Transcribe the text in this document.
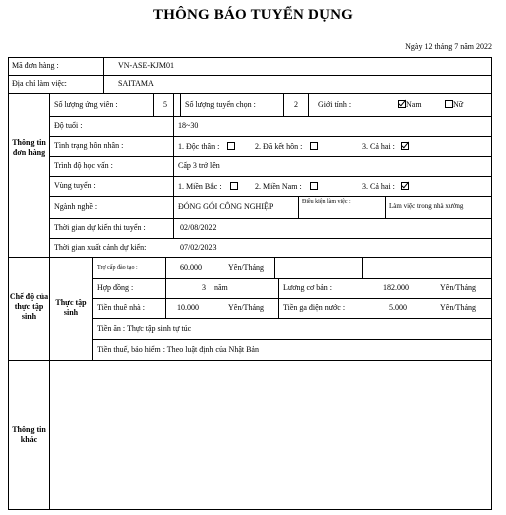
THÔNG BÁO TUYỂN DỤNG
Ngày 12 tháng 7 năm 2022
Mã đơn hàng :	VN-ASE-KJM01
Địa chỉ làm việc:	SAITAMA
Thông tin đơn hàng
Số lượng ứng viên :	5 Số lượng tuyển chọn :	2	Giới tính :	Nam	Nữ
Độ tuổi :	18~30
Tình trạng hôn nhân :	1. Độc thân :	2. Đã kết hôn :	3. Cả hai :
Trình độ học vấn :	Cấp 3 trở lên
Vùng tuyển :	1. Miền Bắc :	2. Miền Nam :	3. Cả hai :
Ngành nghề :	ĐÓNG GÓI CÔNG NGHIỆP	Điều kiện làm việc :	Làm việc trong nhà xưởng
Thời gian dự kiến thi tuyển :	02/08/2022
Thời gian xuất cảnh dự kiến:	07/02/2023
Chế độ của thực tập sinh
Thực tập sinh
Trợ cấp đào tạo :	60.000	Yên/Tháng
Hợp đồng :	3 năm	Lương cơ bản :	182.000	Yên/Tháng
Tiền thuê nhà :	10.000	Yên/Tháng Tiền ga điện nước :	5.000	Yên/Tháng
Tiền ăn : Thực tập sinh tự túc
Tiền thuế, bảo hiểm : Theo luật định của Nhật Bản
Thông tin khác
